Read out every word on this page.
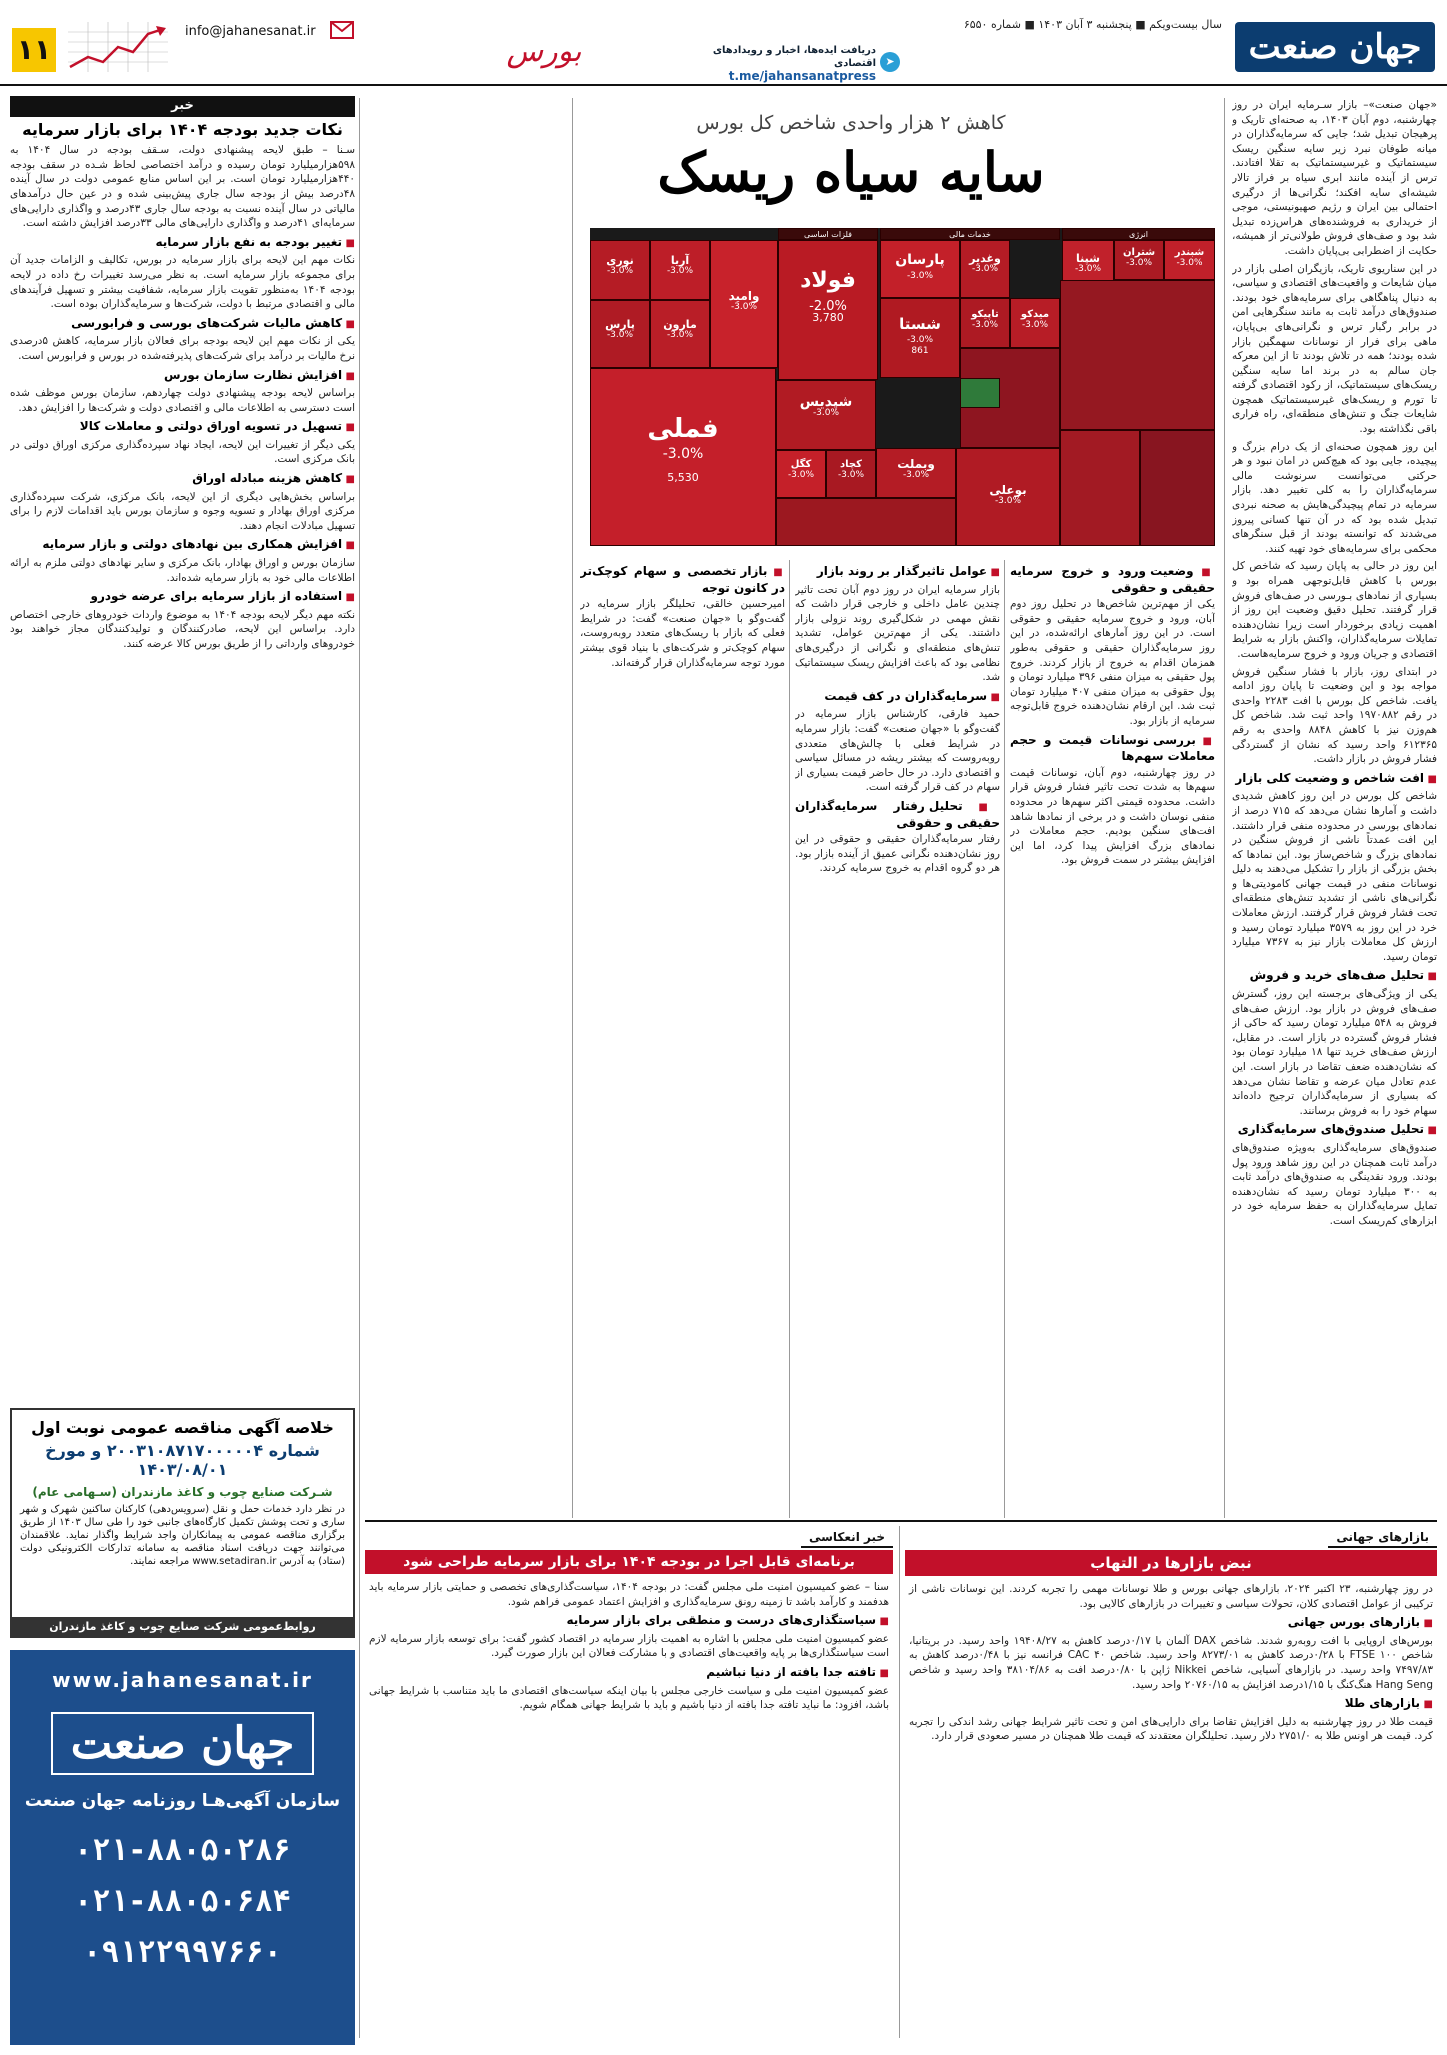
جهان صنعت
سال بیست‌ویکم ■ پنجشنبه ۳ آبان ۱۴۰۳ ■ شماره ۶۵۵۰
➤
دریافت ایده‌ها، اخبار و رویدادهای اقتصادی
t.me/jahansanatpress
بورس
info@jahanesanat.ir
۱۱

«جهان صنعت»– بازار سـرمایه ایران در روز چهارشنبه، دوم آبان ۱۴۰۳، به صحنه‌ای تاریک و پرهیجان تبدیل شد؛ جایی که سرمایه‌گذاران در میانه طوفان نبرد زیر سایه سنگین ریسک سیستماتیک و غیرسیستماتیک به تقلا افتادند. ترس از آینده مانند ابری سیاه بر فراز تالار شیشه‌ای سایه افکند؛ نگرانی‌ها از درگیری احتمالی بین ایران و رژیم صهیونیستی، موجی از خریداری به فروشنده‌های هراس‌زده تبدیل شد بود و صف‌های فروش طولانی‌تر از همیشه، حکایت از اضطرابی بی‌پایان داشت.

در این سناریوی تاریک، بازیگران اصلی بازار در میان شایعات و واقعیت‌های اقتصادی و سیاسی، به دنبال پناهگاهی برای سرمایه‌های خود بودند. صندوق‌های درآمد ثابت به مانند سنگرهایی امن در برابر رگبار ترس و نگرانی‌های بی‌پایان، ماهی برای فرار از نوسانات سهمگین بازار شده بودند؛ همه در تلاش بودند تا از این معرکه جان سالم به در برند اما سایه سنگین ریسک‌های سیستماتیک، از رکود اقتصادی گرفته تا تورم و ریسک‌های غیرسیستماتیک همچون شایعات جنگ و تنش‌های منطقه‌ای، راه فراری باقی نگذاشته بود.

این روز همچون صحنه‌ای از یک درام بزرگ و پیچیده، جایی بود که هیچ‌کس در امان نبود و هر حرکتی می‌توانست سرنوشت مالی سرمایه‌گذاران را به کلی تغییر دهد. بازار سرمایه در تمام پیچیدگی‌هایش به صحنه نبردی تبدیل شده بود که در آن تنها کسانی پیروز می‌شدند که توانسته بودند از قبل سنگرهای محکمی برای سرمایه‌های خود تهیه کنند.

این روز در حالی به پایان رسید که شاخص کل بورس با کاهش قابل‌توجهی همراه بود و بسیاری از نمادهای بـورسی در صف‌های فروش قرار گرفتند. تحلیل دقیق وضعیت این روز از اهمیت زیادی برخوردار است زیرا نشان‌دهنده تمایلات سرمایه‌گذاران، واکنش بازار به شرایط اقتصادی و جریان ورود و خروج سرمایه‌هاست.

در ابتدای روز، بازار با فشار سنگین فروش مواجه بود و این وضعیت تا پایان روز ادامه یافت. شاخص کل بورس با افت ۲۲۸۳ واحدی در رقم ۱۹۷۰۸۸۲ واحد ثبت شد. شاخص کل هم‌وزن نیز با کاهش ۸۸۴۸ واحدی به رقم ۶۱۲۳۶۵ واحد رسید که نشان از گستردگی فشار فروش در بازار داشت.

■ افت شاخص و وضعیت کلی بازار

شاخص کل بورس در این روز کاهش شدیدی داشت و آمارها نشان می‌دهد که ۷۱۵ درصد از نمادهای بورسی در محدوده منفی قرار داشتند. این افت عمدتاً ناشی از فروش سنگین در نمادهای بزرگ و شاخص‌ساز بود. این نمادها که بخش بزرگی از بازار را تشکیل می‌دهند به دلیل نوسانات منفی در قیمت جهانی کامودیتی‌ها و نگرانی‌های ناشی از تشدید تنش‌های منطقه‌ای تحت فشار فروش قرار گرفتند. ارزش معاملات خرد در این روز به ۳۵۷۹ میلیارد تومان رسید و ارزش کل معاملات بازار نیز به ۷۳۶۷ میلیارد تومان رسید.

■ تحلیل صف‌های خرید و فروش

یکی از ویژگی‌های برجسته این روز، گسترش صف‌های فروش در بازار بود. ارزش صف‌های فروش به ۵۴۸ میلیارد تومان رسید که حاکی از فشار فروش گسترده در بازار است. در مقابل، ارزش صف‌های خرید تنها ۱۸ میلیارد تومان بود که نشان‌دهنده ضعف تقاضا در بازار است. این عدم تعادل میان عرضه و تقاضا نشان می‌دهد که بسیاری از سرمایه‌گذاران ترجیح داده‌اند سهام خود را به فروش برسانند.

■ تحلیل صندوق‌های سرمایه‌گذاری

صندوق‌های سرمایه‌گذاری به‌ویژه صندوق‌های درآمد ثابت همچنان در این روز شاهد ورود پول بودند. ورود نقدینگی به صندوق‌های درآمد ثابت به ۳۰۰ میلیارد تومان رسید که نشان‌دهنده تمایل سرمایه‌گذاران به حفظ سرمایه خود در ابزارهای کم‌ریسک است.

کاهش ۲ هزار واحدی شاخص کل بورس
سایه سیاه ریسک
فلزات اساسی	خدمات مالی	انرژی
فولاد
-2.0%
3,780
فملی
-3.0%
5,530
شستا
-3.0%
861
پارسان
-3.0%
وغدیر
-3.0%
شپنا
-3.0%
تاپیکو
-3.0%
میدکو
-3.0%
نوری
-3.0%
آریا
-3.0%
شپدیس
-3.0%
کگل
-3.0%
وبملت
-3.0%
کچاد
-3.0%
شتران
-3.0%
شبندر
-3.0%
پارس
-3.0%
مارون
-3.0%
وامید
-3.0%
بوعلی
-3.0%
■ وضعیت ورود و خروج سرمایه حقیقی و حقوقی

یکی از مهم‌ترین شاخص‌ها در تحلیل روز دوم آبان، ورود و خروج سرمایه حقیقی و حقوقی است. در این روز آمارهای ارائه‌شده، در این روز سرمایه‌گذاران حقیقی و حقوقی به‌طور همزمان اقدام به خروج از بازار کردند. خروج پول حقیقی به میزان منفی ۳۹۶ میلیارد تومان و پول حقوقی به میزان منفی ۴۰۷ میلیارد تومان ثبت شد. این ارقام نشان‌دهنده خروج قابل‌توجه سرمایه از بازار بود.

■ بررسی نوسانات قیمت و حجم معاملات سهم‌ها

در روز چهارشنبه، دوم آبان، نوسانات قیمت سهم‌ها به شدت تحت تاثیر فشار فروش قرار داشت. محدوده قیمتی اکثر سهم‌ها در محدوده منفی نوسان داشت و در برخی از نمادها شاهد افت‌های سنگین بودیم. حجم معاملات در نمادهای بزرگ افزایش پیدا کرد، اما این افزایش بیشتر در سمت فروش بود.

■ عوامل تاثیرگذار بر روند بازار

بازار سرمایه ایران در روز دوم آبان تحت تاثیر چندین عامل داخلی و خارجی قرار داشت که نقش مهمی در شکل‌گیری روند نزولی بازار داشتند. یکی از مهم‌ترین عوامل، تشدید تنش‌های منطقه‌ای و نگرانی از درگیری‌های نظامی بود که باعث افزایش ریسک سیستماتیک شد.

■ سرمایه‌گذاران در کف قیمت

حمید فارقی، کارشناس بازار سرمایه در گفت‌وگو با «جهان صنعت» گفت: بازار سرمایه در شرایط فعلی با چالش‌های متعددی روبه‌روست که بیشتر ریشه در مسائل سیاسی و اقتصادی دارد. در حال حاضر قیمت بسیاری از سهام در کف قرار گرفته است.

■ تحلیل رفتار سرمایه‌گذاران حقیقی و حقوقی

رفتار سرمایه‌گذاران حقیقی و حقوقی در این روز نشان‌دهنده نگرانی عمیق از آینده بازار بود. هر دو گروه اقدام به خروج سرمایه کردند.

■ بازار تخصصی و سهام کوچک‌تر در کانون توجه

امیرحسین خالقی، تحلیلگر بازار سرمایه در گفت‌وگو با «جهان صنعت» گفت: در شرایط فعلی که بازار با ریسک‌های متعدد روبه‌روست، سهام کوچک‌تر و شرکت‌های با بنیاد قوی بیشتر مورد توجه سرمایه‌گذاران قرار گرفته‌اند.

خبر
نکات جدید بودجه ۱۴۰۴ برای بازار سرمایه

سـنا – طبق لایحه پیشنهادی دولت، سـقف بودجه در سال ۱۴۰۴ به ۵۹۸هزارمیلیارد تومان رسیده و درآمد اختصاصی لحاظ شـده در سقف بودجه ۴۴۰هزارمیلیارد تومان است. بر این اساس منابع عمومی دولت در سال آینده ۴۸درصد بیش از بودجه سال جاری پیش‌بینی شده و در عین حال درآمدهای مالیاتی در سال آینده نسبت به بودجه سال جاری ۴۳درصد و واگذاری دارایی‌های سرمایه‌ای ۴۱درصد و واگذاری دارایی‌های مالی ۳۳درصد افزایش داشته است.

■ تغییر بودجه به نفع بازار سرمایه

نکات مهم این لایحه برای بازار سرمایه در بورس، تکالیف و الزامات جدید آن برای مجموعه بازار سرمایه است. به نظر می‌رسد تغییرات رخ داده در لایحه بودجه ۱۴۰۴ به‌منظور تقویت بازار سرمایه، شفافیت بیشتر و تسهیل فرآیندهای مالی و اقتصادی مرتبط با دولت، شرکت‌ها و سرمایه‌گذاران بوده است.

■ کاهش مالیات شرکت‌های بورسی و فرابورسی

یکی از نکات مهم این لایحه بودجه برای فعالان بازار سرمایه، کاهش ۵درصدی نرخ مالیات بر درآمد برای شرکت‌های پذیرفته‌شده در بورس و فرابورس است.

■ افزایش نظارت سازمان بورس

براساس لایحه بودجه پیشنهادی دولت چهاردهم، سازمان بورس موظف شده است دسترسی به اطلاعات مالی و اقتصادی دولت و شرکت‌ها را افزایش دهد.

■ تسهیل در تسویه اوراق دولتی و معاملات کالا

یکی دیگر از تغییرات این لایحه، ایجاد نهاد سپرده‌گذاری مرکزی اوراق دولتی در بانک مرکزی است.

■ کاهش هزینه مبادله اوراق

براساس بخش‌هایی دیگری از این لایحه، بانک مرکزی، شرکت سپرده‌گذاری مرکزی اوراق بهادار و تسویه وجوه و سازمان بورس باید اقدامات لازم را برای تسهیل مبادلات انجام دهند.

■ افزایش همکاری بین نهادهای دولتی و بازار سرمایه

سازمان بورس و اوراق بهادار، بانک مرکزی و سایر نهادهای دولتی ملزم به ارائه اطلاعات مالی خود به بازار سرمایه شده‌اند.

■ استفاده از بازار سرمایه برای عرضه خودرو

نکته مهم دیگر لایحه بودجه ۱۴۰۴ به موضوع واردات خودروهای خارجی اختصاص دارد. براساس این لایحه، صادرکنندگان و تولیدکنندگان مجاز خواهند بود خودروهای وارداتی را از طریق بورس کالا عرضه کنند.

خلاصه آگهی مناقصه عمومی نوبت اول
شماره ۲۰۰۳۱۰۸۷۱۷۰۰۰۰۰۴ و مورخ ۱۴۰۳/۰۸/۰۱
شـرکت صنایع چوب و کاغذ مازندران (سـهامی عام)
در نظر دارد خدمات حمل و نقل (سرویس‌دهی) کارکنان ساکنین شهرک و شهر ساری و تحت پوشش تکمیل کارگاه‌های جانبی خود را طی سال ۱۴۰۳ از طریق برگزاری مناقصه عمومی به پیمانکاران واجد شرایط واگذار نماید. علاقمندان می‌توانند جهت دریافت اسناد مناقصه به سامانه تدارکات الکترونیکی دولت (ستاد) به آدرس www.setadiran.ir مراجعه نمایند.
روابط‌عمومی شرکت صنایع چوب و کاغذ مازندران
www.jahanesanat.ir
جهان صنعت
سازمان آگهی‌هـا روزنامه جهان صنعت
۰۲۱-۸۸۰۵۰۲۸۶
۰۲۱-۸۸۰۵۰۶۸۴
۰۹۱۲۲۹۹۷۶۶۰
بازارهای جهانی
نبض بازارها در التهاب

در روز چهارشنبه، ۲۳ اکتبر ۲۰۲۴، بازارهای جهانی بورس و طلا نوسانات مهمی را تجربه کردند. این نوسانات ناشی از ترکیبی از عوامل اقتصادی کلان، تحولات سیاسی و تغییرات در بازارهای کالایی بود.

■ بازارهای بورس جهانی

بورس‌های اروپایی با افت روبه‌رو شدند. شاخص DAX آلمان با ۰/۱۷درصد کاهش به ۱۹۴۰۸/۲۷ واحد رسید. در بریتانیا، شاخص FTSE ۱۰۰ با ۰/۲۸درصد کاهش به ۸۲۷۳/۰۱ واحد رسید. شاخص CAC ۴۰ فرانسه نیز با ۰/۴۸درصد کاهش به ۷۴۹۷/۸۳ واحد رسید. در بازارهای آسیایی، شاخص Nikkei ژاپن با ۰/۸۰درصد افت به ۳۸۱۰۴/۸۶ واحد رسید و شاخص Hang Seng هنگ‌کنگ با ۱/۱۵درصد افزایش به ۲۰۷۶۰/۱۵ واحد رسید.

■ بازارهای طلا

قیمت طلا در روز چهارشنبه به دلیل افزایش تقاضا برای دارایی‌های امن و تحت تاثیر شرایط جهانی رشد اندکی را تجربه کرد. قیمت هر اونس طلا به ۲۷۵۱/۰ دلار رسید. تحلیلگران معتقدند که قیمت طلا همچنان در مسیر صعودی قرار دارد.

خبر انعکاسی
برنامه‌ای قابل اجرا در بودجه ۱۴۰۴ برای بازار سرمایه طراحی شود

سنا – عضو کمیسیون امنیت ملی مجلس گفت: در بودجه ۱۴۰۴، سیاست‌گذاری‌های تخصصی و حمایتی بازار سرمایه باید هدفمند و کارآمد باشد تا زمینه رونق سرمایه‌گذاری و افزایش اعتماد عمومی فراهم شود.

■ سیاستگذاری‌های درست و منطقی برای بازار سرمایه

عضو کمیسیون امنیت ملی مجلس با اشاره به اهمیت بازار سرمایه در اقتصاد کشور گفت: برای توسعه بازار سرمایه لازم است سیاستگذاری‌ها بر پایه واقعیت‌های اقتصادی و با مشارکت فعالان این بازار صورت گیرد.

■ تافته جدا بافته از دنیا نباشیم

عضو کمیسیون امنیت ملی و سیاست خارجی مجلس با بیان اینکه سیاست‌های اقتصادی ما باید متناسب با شرایط جهانی باشد، افزود: ما نباید تافته جدا بافته از دنیا باشیم و باید با شرایط جهانی همگام شویم.
